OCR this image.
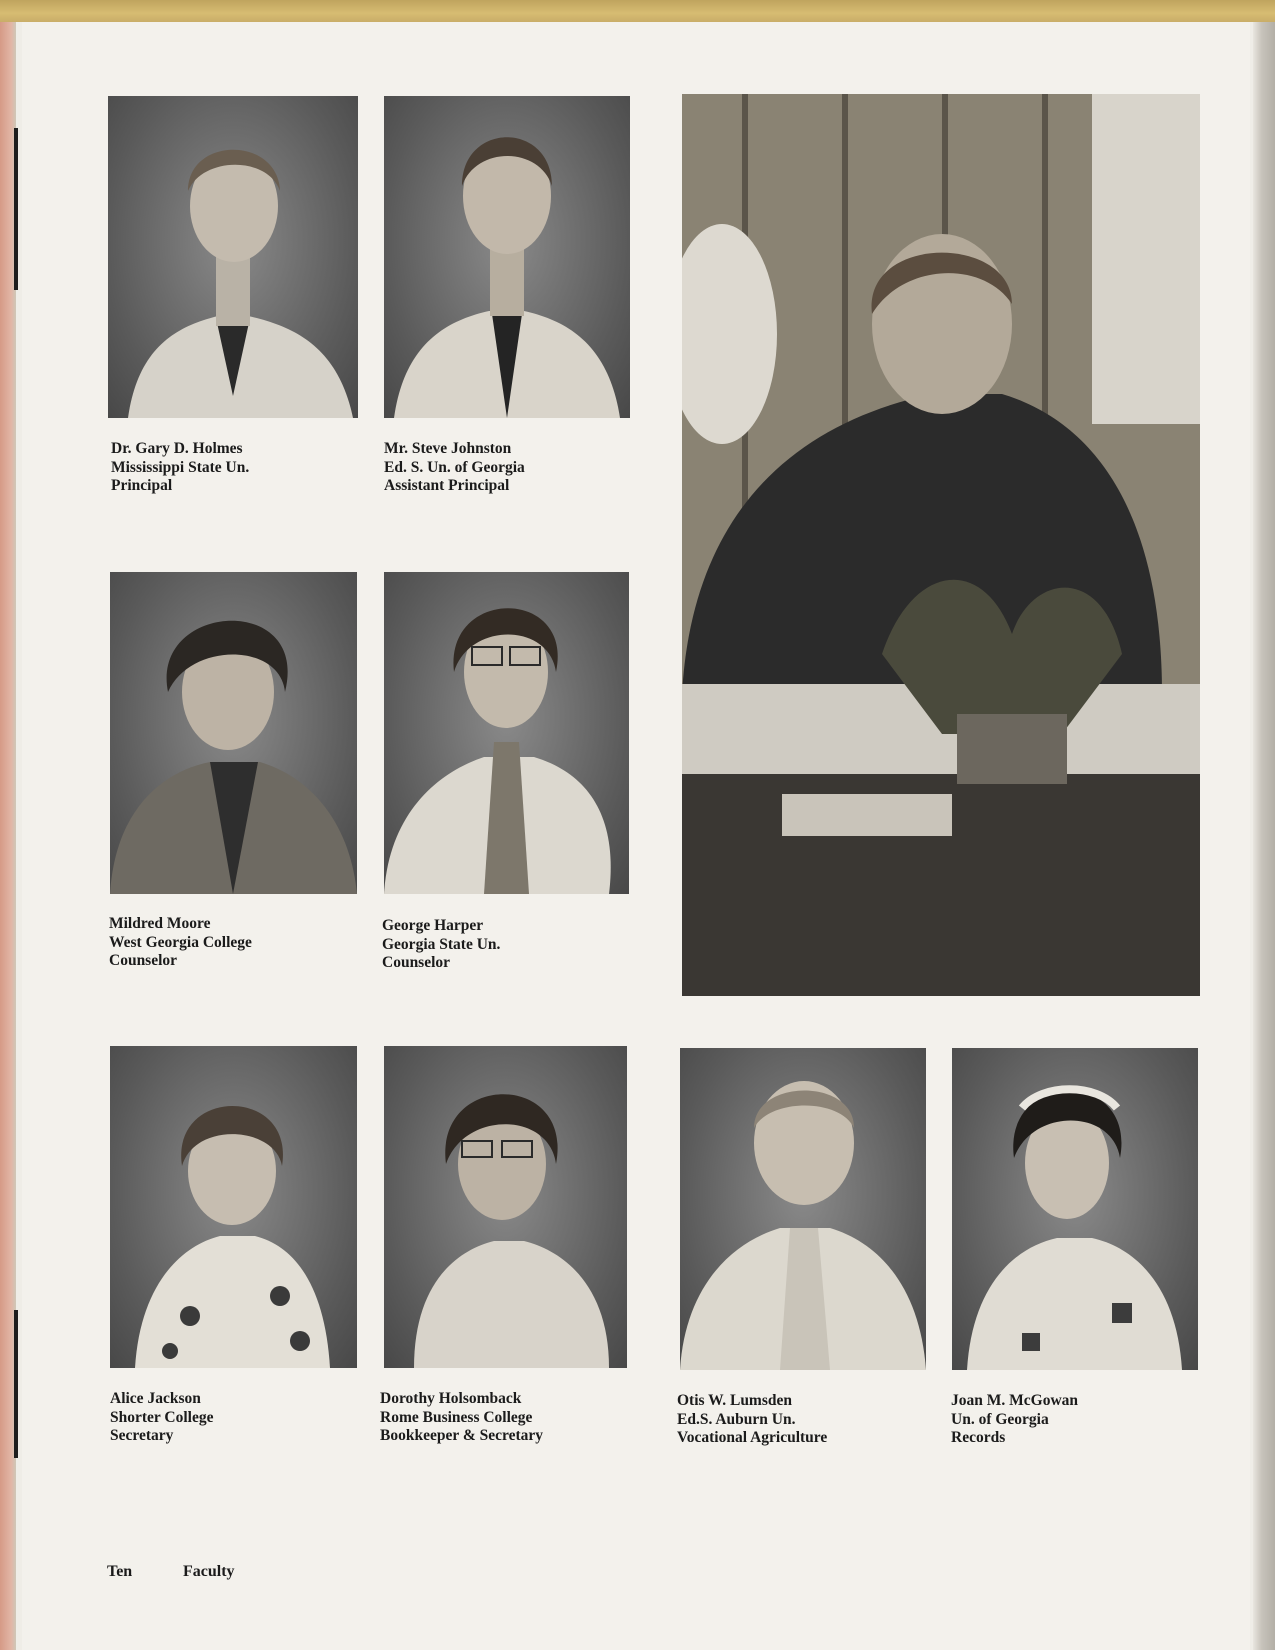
Dr. Gary D. Holmes
Mississippi State Un.
Principal
Mr. Steve Johnston
Ed. S. Un. of Georgia
Assistant Principal
Mildred Moore
West Georgia College
Counselor
George Harper
Georgia State Un.
Counselor
Alice Jackson
Shorter College
Secretary
Dorothy Holsomback
Rome Business College
Bookkeeper & Secretary
Otis W. Lumsden
Ed.S. Auburn Un.
Vocational Agriculture
Joan M. McGowan
Un. of Georgia
Records
Ten	Faculty
